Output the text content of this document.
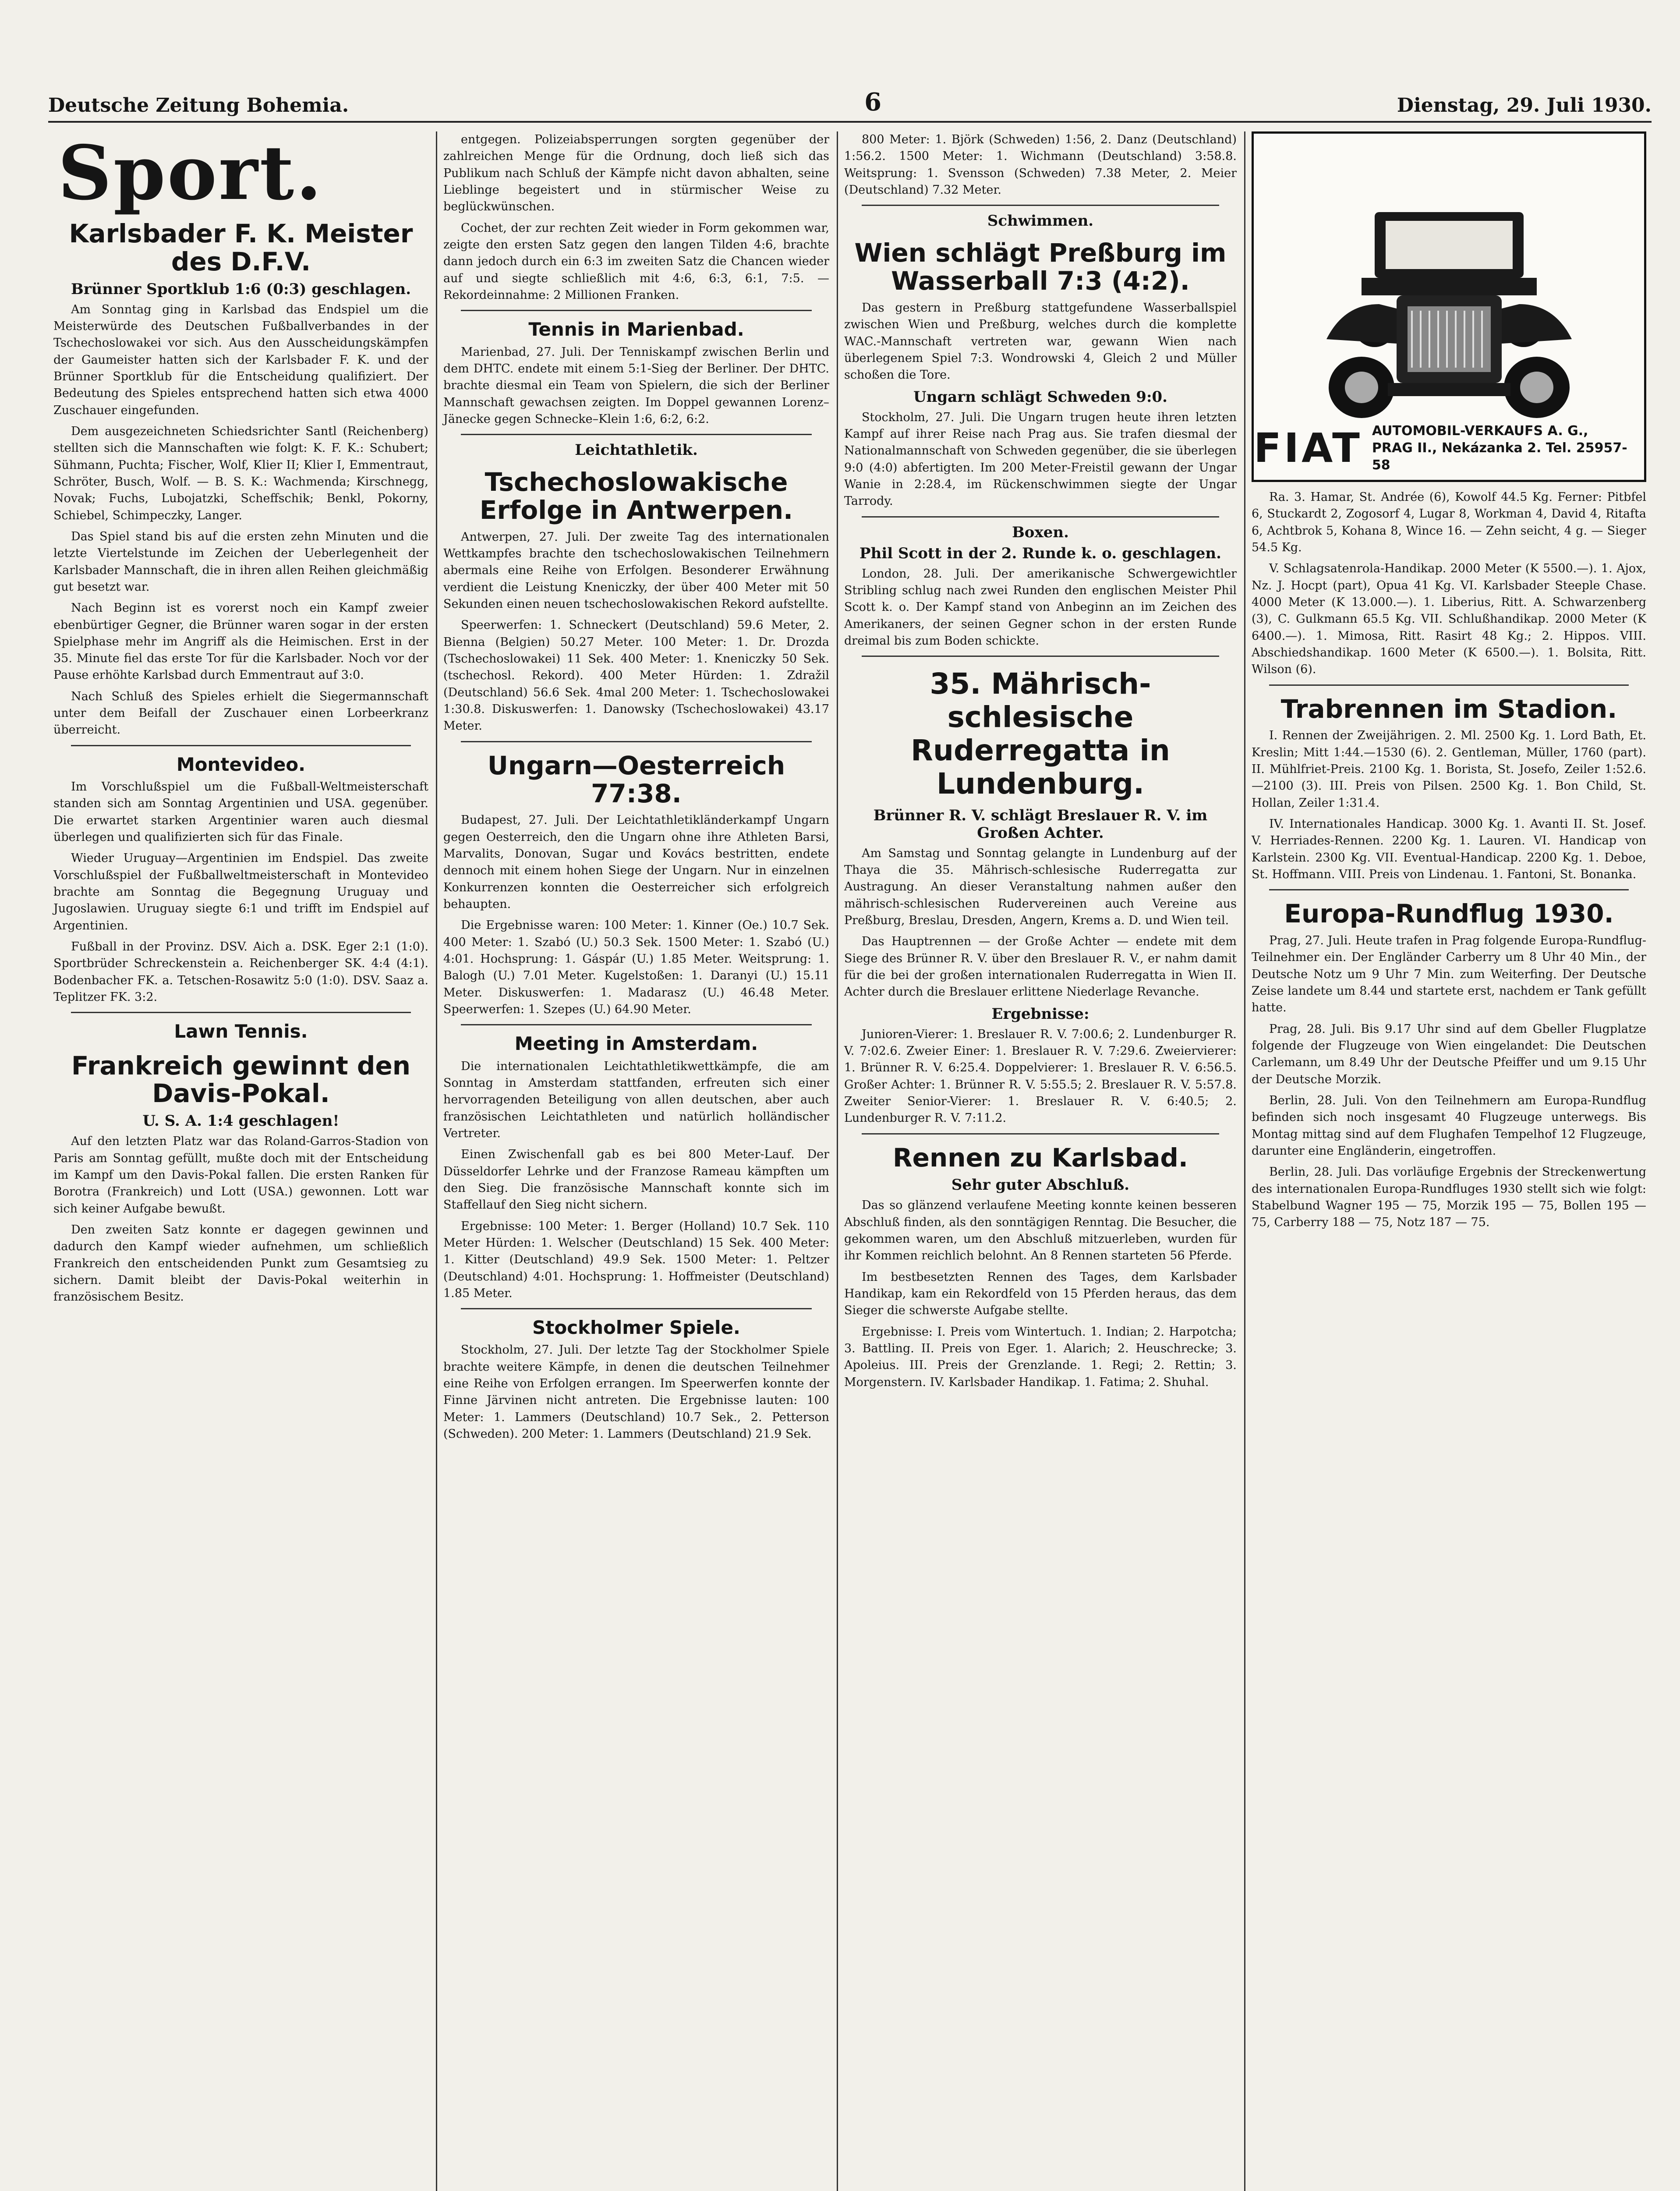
Deutsche Zeitung Bohemia.	6	Dienstag, 29. Juli 1930.
Sport.
Karlsbader F. K. Meister des D.F.V.
Brünner Sportklub 1:6 (0:3) geschlagen.

Am Sonntag ging in Karlsbad das Endspiel um die Meisterwürde des Deutschen Fußballverbandes in der Tschechoslowakei vor sich. Aus den Ausscheidungskämpfen der Gaumeister hatten sich der Karlsbader F. K. und der Brünner Sportklub für die Entscheidung qualifiziert. Der Bedeutung des Spieles entsprechend hatten sich etwa 4000 Zuschauer eingefunden.

Dem ausgezeichneten Schiedsrichter Santl (Reichenberg) stellten sich die Mannschaften wie folgt: K. F. K.: Schubert; Sühmann, Puchta; Fischer, Wolf, Klier II; Klier I, Emmentraut, Schröter, Busch, Wolf. — B. S. K.: Wachmenda; Kirschnegg, Novak; Fuchs, Lubojatzki, Scheffschik; Benkl, Pokorny, Schiebel, Schimpeczky, Langer.

Das Spiel stand bis auf die ersten zehn Minuten und die letzte Viertelstunde im Zeichen der Ueberlegenheit der Karlsbader Mannschaft, die in ihren allen Reihen gleichmäßig gut besetzt war.

Nach Beginn ist es vorerst noch ein Kampf zweier ebenbürtiger Gegner, die Brünner waren sogar in der ersten Spielphase mehr im Angriff als die Heimischen. Erst in der 35. Minute fiel das erste Tor für die Karlsbader. Noch vor der Pause erhöhte Karlsbad durch Emmentraut auf 3:0.

Nach Schluß des Spieles erhielt die Siegermannschaft unter dem Beifall der Zuschauer einen Lorbeerkranz überreicht.

Montevideo.

Im Vorschlußspiel um die Fußball-Weltmeisterschaft standen sich am Sonntag Argentinien und USA. gegenüber. Die erwartet starken Argentinier waren auch diesmal überlegen und qualifizierten sich für das Finale.

Wieder Uruguay—Argentinien im Endspiel. Das zweite Vorschlußspiel der Fußballweltmeisterschaft in Montevideo brachte am Sonntag die Begegnung Uruguay und Jugoslawien. Uruguay siegte 6:1 und trifft im Endspiel auf Argentinien.

Fußball in der Provinz. DSV. Aich a. DSK. Eger 2:1 (1:0). Sportbrüder Schreckenstein a. Reichenberger SK. 4:4 (4:1). Bodenbacher FK. a. Tetschen-Rosawitz 5:0 (1:0). DSV. Saaz a. Teplitzer FK. 3:2.

Lawn Tennis.
Frankreich gewinnt den Davis-Pokal.
U. S. A. 1:4 geschlagen!

Auf den letzten Platz war das Roland-Garros-Stadion von Paris am Sonntag gefüllt, mußte doch mit der Entscheidung im Kampf um den Davis-Pokal fallen. Die ersten Ranken für Borotra (Frankreich) und Lott (USA.) gewonnen. Lott war sich keiner Aufgabe bewußt.

Den zweiten Satz konnte er dagegen gewinnen und dadurch den Kampf wieder aufnehmen, um schließlich Frankreich den entscheidenden Punkt zum Gesamtsieg zu sichern. Damit bleibt der Davis-Pokal weiterhin in französischem Besitz.

entgegen. Polizeiabsperrungen sorgten gegenüber der zahlreichen Menge für die Ordnung, doch ließ sich das Publikum nach Schluß der Kämpfe nicht davon abhalten, seine Lieblinge begeistert und in stürmischer Weise zu beglückwünschen.

Cochet, der zur rechten Zeit wieder in Form gekommen war, zeigte den ersten Satz gegen den langen Tilden 4:6, brachte dann jedoch durch ein 6:3 im zweiten Satz die Chancen wieder auf und siegte schließlich mit 4:6, 6:3, 6:1, 7:5. — Rekordeinnahme: 2 Millionen Franken.

Tennis in Marienbad.

Marienbad, 27. Juli. Der Tenniskampf zwischen Berlin und dem DHTC. endete mit einem 5:1-Sieg der Berliner. Der DHTC. brachte diesmal ein Team von Spielern, die sich der Berliner Mannschaft gewachsen zeigten. Im Doppel gewannen Lorenz–Jänecke gegen Schnecke–Klein 1:6, 6:2, 6:2.

Leichtathletik.
Tschechoslowakische Erfolge in Antwerpen.

Antwerpen, 27. Juli. Der zweite Tag des internationalen Wettkampfes brachte den tschechoslowakischen Teilnehmern abermals eine Reihe von Erfolgen. Besonderer Erwähnung verdient die Leistung Kneniczky, der über 400 Meter mit 50 Sekunden einen neuen tschechoslowakischen Rekord aufstellte.

Speerwerfen: 1. Schneckert (Deutschland) 59.6 Meter, 2. Bienna (Belgien) 50.27 Meter. 100 Meter: 1. Dr. Drozda (Tschechoslowakei) 11 Sek. 400 Meter: 1. Kneniczky 50 Sek. (tschechosl. Rekord). 400 Meter Hürden: 1. Zdražil (Deutschland) 56.6 Sek. 4mal 200 Meter: 1. Tschechoslowakei 1:30.8. Diskuswerfen: 1. Danowsky (Tschechoslowakei) 43.17 Meter.

Ungarn—Oesterreich 77:38.

Budapest, 27. Juli. Der Leichtathletikländerkampf Ungarn gegen Oesterreich, den die Ungarn ohne ihre Athleten Barsi, Marvalits, Donovan, Sugar und Kovács bestritten, endete dennoch mit einem hohen Siege der Ungarn. Nur in einzelnen Konkurrenzen konnten die Oesterreicher sich erfolgreich behaupten.

Die Ergebnisse waren: 100 Meter: 1. Kinner (Oe.) 10.7 Sek. 400 Meter: 1. Szabó (U.) 50.3 Sek. 1500 Meter: 1. Szabó (U.) 4:01. Hochsprung: 1. Gáspár (U.) 1.85 Meter. Weitsprung: 1. Balogh (U.) 7.01 Meter. Kugelstoßen: 1. Daranyi (U.) 15.11 Meter. Diskuswerfen: 1. Madarasz (U.) 46.48 Meter. Speerwerfen: 1. Szepes (U.) 64.90 Meter.

Meeting in Amsterdam.

Die internationalen Leichtathletikwettkämpfe, die am Sonntag in Amsterdam stattfanden, erfreuten sich einer hervorragenden Beteiligung von allen deutschen, aber auch französischen Leichtathleten und natürlich holländischer Vertreter.

Einen Zwischenfall gab es bei 800 Meter-Lauf. Der Düsseldorfer Lehrke und der Franzose Rameau kämpften um den Sieg. Die französische Mannschaft konnte sich im Staffellauf den Sieg nicht sichern.

Ergebnisse: 100 Meter: 1. Berger (Holland) 10.7 Sek. 110 Meter Hürden: 1. Welscher (Deutschland) 15 Sek. 400 Meter: 1. Kitter (Deutschland) 49.9 Sek. 1500 Meter: 1. Peltzer (Deutschland) 4:01. Hochsprung: 1. Hoffmeister (Deutschland) 1.85 Meter.

Stockholmer Spiele.

Stockholm, 27. Juli. Der letzte Tag der Stockholmer Spiele brachte weitere Kämpfe, in denen die deutschen Teilnehmer eine Reihe von Erfolgen errangen. Im Speerwerfen konnte der Finne Järvinen nicht antreten. Die Ergebnisse lauten: 100 Meter: 1. Lammers (Deutschland) 10.7 Sek., 2. Petterson (Schweden). 200 Meter: 1. Lammers (Deutschland) 21.9 Sek.

800 Meter: 1. Björk (Schweden) 1:56, 2. Danz (Deutschland) 1:56.2. 1500 Meter: 1. Wichmann (Deutschland) 3:58.8. Weitsprung: 1. Svensson (Schweden) 7.38 Meter, 2. Meier (Deutschland) 7.32 Meter.

Schwimmen.
Wien schlägt Preßburg im Wasserball 7:3 (4:2).

Das gestern in Preßburg stattgefundene Wasserballspiel zwischen Wien und Preßburg, welches durch die komplette WAC.-Mannschaft vertreten war, gewann Wien nach überlegenem Spiel 7:3. Wondrowski 4, Gleich 2 und Müller schoßen die Tore.

Ungarn schlägt Schweden 9:0.

Stockholm, 27. Juli. Die Ungarn trugen heute ihren letzten Kampf auf ihrer Reise nach Prag aus. Sie trafen diesmal der Nationalmannschaft von Schweden gegenüber, die sie überlegen 9:0 (4:0) abfertigten. Im 200 Meter-Freistil gewann der Ungar Wanie in 2:28.4, im Rückenschwimmen siegte der Ungar Tarrody.

Boxen.
Phil Scott in der 2. Runde k. o. geschlagen.

London, 28. Juli. Der amerikanische Schwergewichtler Stribling schlug nach zwei Runden den englischen Meister Phil Scott k. o. Der Kampf stand von Anbeginn an im Zeichen des Amerikaners, der seinen Gegner schon in der ersten Runde dreimal bis zum Boden schickte.

35. Mährisch-schlesische Ruderregatta in Lundenburg.
Brünner R. V. schlägt Breslauer R. V. im Großen Achter.

Am Samstag und Sonntag gelangte in Lundenburg auf der Thaya die 35. Mährisch-schlesische Ruderregatta zur Austragung. An dieser Veranstaltung nahmen außer den mährisch-schlesischen Rudervereinen auch Vereine aus Preßburg, Breslau, Dresden, Angern, Krems a. D. und Wien teil.

Das Hauptrennen — der Große Achter — endete mit dem Siege des Brünner R. V. über den Breslauer R. V., er nahm damit für die bei der großen internationalen Ruderregatta in Wien II. Achter durch die Breslauer erlittene Niederlage Revanche.

Ergebnisse:

Junioren-Vierer: 1. Breslauer R. V. 7:00.6; 2. Lundenburger R. V. 7:02.6. Zweier Einer: 1. Breslauer R. V. 7:29.6. Zweiervierer: 1. Brünner R. V. 6:25.4. Doppelvierer: 1. Breslauer R. V. 6:56.5. Großer Achter: 1. Brünner R. V. 5:55.5; 2. Breslauer R. V. 5:57.8. Zweiter Senior-Vierer: 1. Breslauer R. V. 6:40.5; 2. Lundenburger R. V. 7:11.2.

Rennen zu Karlsbad.
Sehr guter Abschluß.

Das so glänzend verlaufene Meeting konnte keinen besseren Abschluß finden, als den sonntägigen Renntag. Die Besucher, die gekommen waren, um den Abschluß mitzuerleben, wurden für ihr Kommen reichlich belohnt. An 8 Rennen starteten 56 Pferde.

Im bestbesetzten Rennen des Tages, dem Karlsbader Handikap, kam ein Rekordfeld von 15 Pferden heraus, das dem Sieger die schwerste Aufgabe stellte.

Ergebnisse: I. Preis vom Wintertuch. 1. Indian; 2. Harpotcha; 3. Battling. II. Preis von Eger. 1. Alarich; 2. Heuschrecke; 3. Apoleius. III. Preis der Grenzlande. 1. Regi; 2. Rettin; 3. Morgenstern. IV. Karlsbader Handikap. 1. Fatima; 2. Shuhal.

FIAT AUTOMOBIL-VERKAUFS A. G.,
PRAG II., Nekázanka 2. Tel. 25957-58

Ra. 3. Hamar, St. Andrée (6), Kowolf 44.5 Kg. Ferner: Pitbfel 6, Stuckardt 2, Zogosorf 4, Lugar 8, Workman 4, David 4, Ritafta 6, Achtbrok 5, Kohana 8, Wince 16. — Zehn seicht, 4 g. — Sieger 54.5 Kg.

V. Schlagsatenrola-Handikap. 2000 Meter (K 5500.—). 1. Ajox, Nz. J. Hocpt (part), Opua 41 Kg. VI. Karlsbader Steeple Chase. 4000 Meter (K 13.000.—). 1. Liberius, Ritt. A. Schwarzenberg (3), C. Gulkmann 65.5 Kg. VII. Schlußhandikap. 2000 Meter (K 6400.—). 1. Mimosa, Ritt. Rasirt 48 Kg.; 2. Hippos. VIII. Abschiedshandikap. 1600 Meter (K 6500.—). 1. Bolsita, Ritt. Wilson (6).

Trabrennen im Stadion.

I. Rennen der Zweijährigen. 2. Ml. 2500 Kg. 1. Lord Bath, Et. Kreslin; Mitt 1:44.—1530 (6). 2. Gentleman, Müller, 1760 (part). II. Mühlfriet-Preis. 2100 Kg. 1. Borista, St. Josefo, Zeiler 1:52.6.—2100 (3). III. Preis von Pilsen. 2500 Kg. 1. Bon Child, St. Hollan, Zeiler 1:31.4.

IV. Internationales Handicap. 3000 Kg. 1. Avanti II. St. Josef. V. Herriades-Rennen. 2200 Kg. 1. Lauren. VI. Handicap von Karlstein. 2300 Kg. VII. Eventual-Handicap. 2200 Kg. 1. Deboe, St. Hoffmann. VIII. Preis von Lindenau. 1. Fantoni, St. Bonanka.

Europa-Rundflug 1930.

Prag, 27. Juli. Heute trafen in Prag folgende Europa-Rundflug-Teilnehmer ein. Der Engländer Carberry um 8 Uhr 40 Min., der Deutsche Notz um 9 Uhr 7 Min. zum Weiterfing. Der Deutsche Zeise landete um 8.44 und startete erst, nachdem er Tank gefüllt hatte.

Prag, 28. Juli. Bis 9.17 Uhr sind auf dem Gbeller Flugplatze folgende der Flugzeuge von Wien eingelandet: Die Deutschen Carlemann, um 8.49 Uhr der Deutsche Pfeiffer und um 9.15 Uhr der Deutsche Morzik.

Berlin, 28. Juli. Von den Teilnehmern am Europa-Rundflug befinden sich noch insgesamt 40 Flugzeuge unterwegs. Bis Montag mittag sind auf dem Flughafen Tempelhof 12 Flugzeuge, darunter eine Engländerin, eingetroffen.

Berlin, 28. Juli. Das vorläufige Ergebnis der Streckenwertung des internationalen Europa-Rundfluges 1930 stellt sich wie folgt: Stabelbund Wagner 195 — 75, Morzik 195 — 75, Bollen 195 — 75, Carberry 188 — 75, Notz 187 — 75.
